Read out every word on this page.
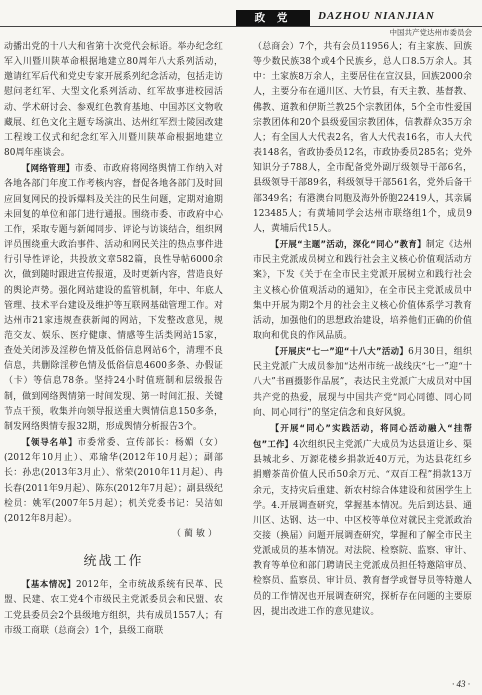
政 党	DAZHOU NIANJIAN
中国共产党达州市委员会

动播出党的十八大和省第十次党代会标语。举办纪念红军入川暨川陕革命根据地建立80周年八大系列活动，邀请红军后代和党史专家开展系列纪念活动，包括走访慰问老红军、大型文化系列活动、红军故事进校园活动、学术研讨会、参观红色教育基地、中国苏区文物收藏展、红色文化主题专场演出、达州红军烈士陵园改建工程竣工仪式和纪念红军入川暨川陕革命根据地建立80周年座谈会。

【网络管理】市委、市政府将网络舆情工作纳入对各地各部门年度工作考核内容，督促各地各部门及时回应回复网民的投诉爆料及关注的民生问题，定期对逾期未回复的单位和部门进行通报。围绕市委、市政府中心工作，采取专题与新闻同步、评论与访谈结合，组织网评员围绕重大政治事件、活动和网民关注的热点事件进行引导性评论，共投放文章582篇，良性导帖6000余次，做到随时跟进宣传报道，及时更新内容，营造良好的舆论声势。强化网站建设的监管机制，年中、年底人管理、技术平台建设及维护等互联网基础管理工作。对达州市21家违规查获新闻的网站，下发整改意见，规范交友、娱乐、医疗健康、情感等生活类网站15家，查处关闭涉及淫秽色情及低俗信息网站6个，清理不良信息，共删除淫秽色情及低俗信息4600多条、办假证（卡）等信息78条。坚持24小时值班制和层级报告制，做到网络舆情第一时间发现、第一时间汇报、关键节点干预，收集并向领导报送重大舆情信息150多条，制发网络舆情专报32期，形成舆情分析报告3个。

【领导名单】市委常委、宣传部长：杨媚（女）(2012年10月止）、邓瑜华(2012年10月起）；副部长：孙忠(2013年3月止）、常荣(2010年11月起）、冉长春(2011年9月起）、陈东(2012年7月起）；副县级纪检员：姚军(2007年5月起）；机关党委书记：吴洁如(2012年8月起）。

（ 蔺 敏 ）
统战工作

【基本情况】2012年，全市统战系统有民革、民盟、民建、农工党4个市级民主党派委员会和民盟、农工党县委员会2个县级地方组织，共有成员1557人；有市级工商联（总商会）1个，县级工商联

（总商会）7个，共有会员11956人；有主家族、回族等少数民族38个或4个民族乡，总人口8.5万余人。其中：土家族8万余人，主要居住在宣汉县，回族2000余人，主要分布在通川区、大竹县，有天主教、基督教、佛教、道教和伊斯兰教25个宗教团体，5个全市性爱国宗教团体和20个县级爱国宗教团体，信教群众35万余人；有全国人大代表2名，省人大代表16名，市人大代表148名，省政协委员12名，市政协委员285名；党外知识分子788人，全市配备党外副厅级领导干部6名，县级领导干部89名，科级领导干部561名，党外后备干部349名；有港澳台同胞及海外侨胞22419人，其亲属123485人；有黄埔同学会达州市联络组1个，成员9人，黄埔后代15人。

【开展“主题”活动，深化“同心”教育】制定《达州市民主党派成员树立和践行社会主义核心价值观活动方案》，下发《关于在全市民主党派开展树立和践行社会主义核心价值观活动的通知》，在全市民主党派成员中集中开展为期2个月的社会主义核心价值体系学习教育活动，加强他们的思想政治建设，培养他们正确的价值取向和优良的作风品质。

【开展庆“七一”迎“十八大”活动】6月30日，组织民主党派广大成员参加“达州市统一战线庆“七一”迎“十八大”书画摄影作品展”，表达民主党派广大成员对中国共产党的热爱，展现与中国共产党“同心同德、同心同向、同心同行”的坚定信念和良好风貌。

【开展“同心”实践活动，将同心活动融入“挂帮包”工作】4次组织民主党派广大成员为达县道让乡、渠县城北乡、万源花楼乡捐款近40万元，为达县花红乡捐赠茶苗价值人民币50余万元、“双百工程”捐款13万余元，支持灾后重建、新农村综合体建设和贫困学生上学。4.开展调查研究，掌握基本情况。先后到达县、通川区、达钢、达一中、中区校等单位对就民主党派政治交接（换届）问题开展调查研究，掌握和了解全市民主党派成员的基本情况。对法院、检察院、监察、审计、教育等单位和部门聘请民主党派成员担任特邀陪审员、检察员、监察员、审计员、教育督学或督导员等特邀人员的工作情况也开展调查研究，探析存在问题的主要原因，提出改进工作的意见建议。

· 43 ·
